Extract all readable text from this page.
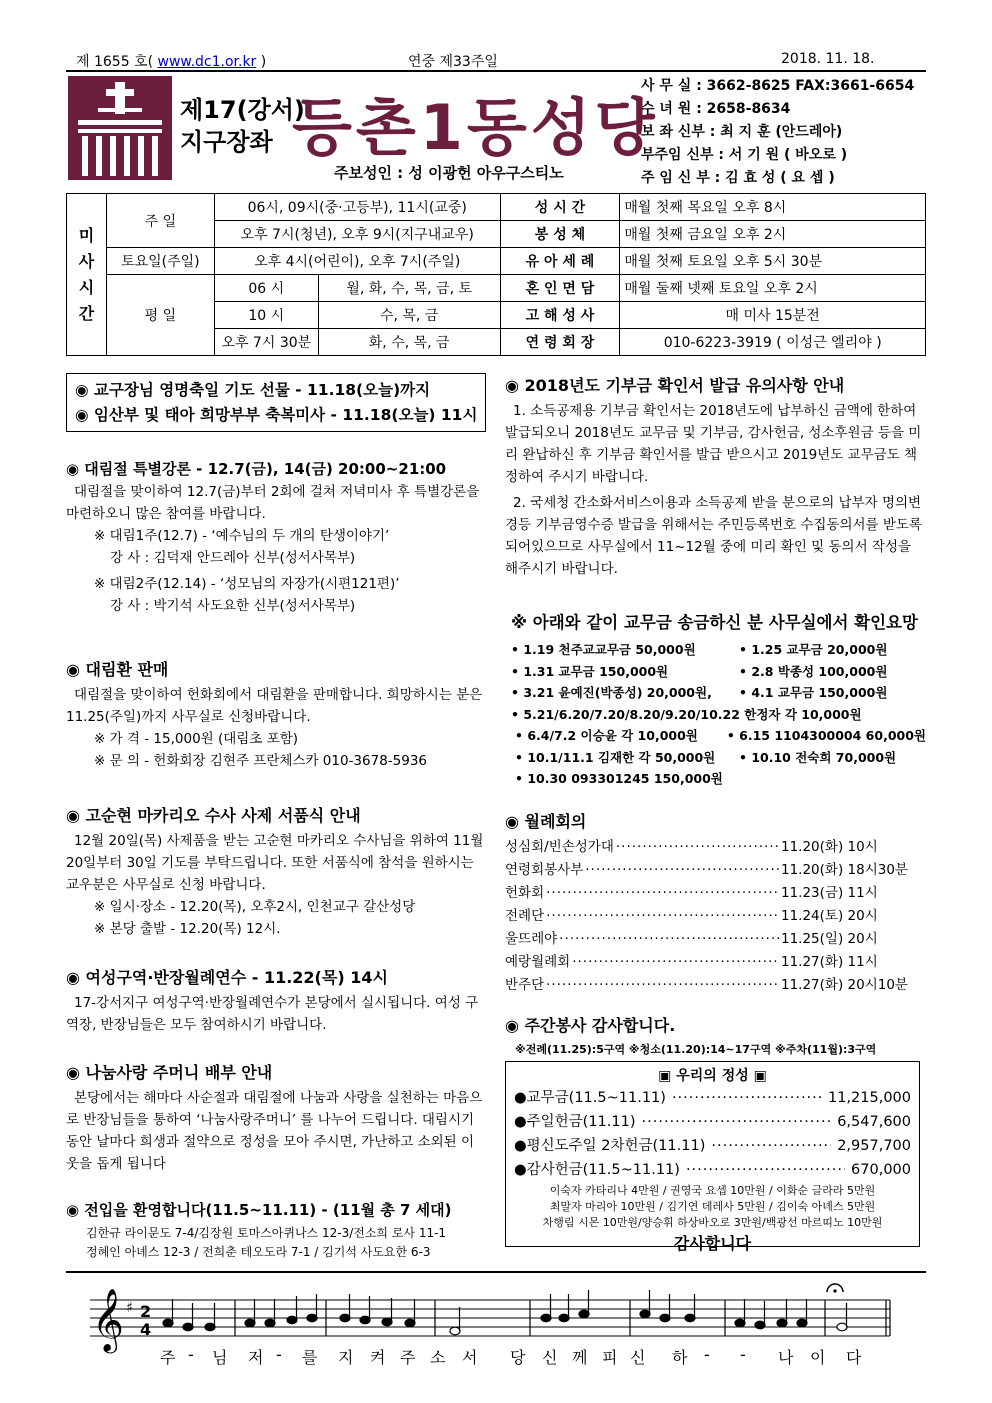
제 1655 호( www.dc1.or.kr )	연중 제33주일	2018. 11. 18.
제17(강서)
지구장좌 등촌1동성당
주보성인 : 성 이광헌 아우구스티노
사 무 실 : 3662-8625 FAX:3661-6654
수 녀 원 : 2658-8634
보 좌 신부 : 최 지 훈 (안드레아)
부주임 신부 : 서 기 원 ( 바오로 )
주 임 신 부 : 김 효 성 ( 요 셉 )
미사시간	주 일	06시, 09시(중·고등부), 11시(교중)		성 시 간	매월 첫째 목요일 오후 8시
		오후 7시(청년), 오후 9시(지구내교우)		봉 성 체	매월 첫째 금요일 오후 2시
	토요일(주일)	오후 4시(어린이), 오후 7시(주일)		유 아 세 례	매월 첫째 토요일 오후 5시 30분
	평 일	06 시	월, 화, 수, 목, 금, 토	혼 인 면 담	매월 둘째 넷째 토요일 오후 2시
		10 시	수, 목, 금	고 해 성 사	매 미사 15분전
		오후 7시 30분	화, 수, 목, 금	연 령 회 장	010-6223-3919 ( 이성근 엘리야 )
◉ 교구장님 영명축일 기도 선물 - 11.18(오늘)까지
◉ 임산부 및 태아 희망부부 축복미사 - 11.18(오늘) 11시
◉ 대림절 특별강론 - 12.7(금), 14(금) 20:00~21:00
대림절을 맞이하여 12.7(금)부터 2회에 걸쳐 저녁미사 후 특별강론을 마련하오니 많은 참여를 바랍니다.
※ 대림1주(12.7) - ‘예수님의 두 개의 탄생이야기’
강 사 : 김덕재 안드레아 신부(성서사목부)
※ 대림2주(12.14) - ‘성모님의 자장가(시편121편)’
강 사 : 박기석 사도요한 신부(성서사목부)
◉ 대림환 판매
대림절을 맞이하여 헌화회에서 대림환을 판매합니다. 희망하시는 분은 11.25(주일)까지 사무실로 신청바랍니다.
※ 가 격 - 15,000원 (대림초 포함)
※ 문 의 - 헌화회장 김현주 프란체스카 010-3678-5936
◉ 고순현 마카리오 수사 사제 서품식 안내
12월 20일(목) 사제품을 받는 고순현 마카리오 수사님을 위하여 11월 20일부터 30일 기도를 부탁드립니다. 또한 서품식에 참석을 원하시는 교우분은 사무실로 신청 바랍니다.
※ 일시·장소 - 12.20(목), 오후2시, 인천교구 갈산성당
※ 본당 출발 - 12.20(목) 12시.
◉ 여성구역·반장월례연수 - 11.22(목) 14시
17-강서지구 여성구역·반장월례연수가 본당에서 실시됩니다. 여성 구역장, 반장님들은 모두 참여하시기 바랍니다.
◉ 나눔사랑 주머니 배부 안내
본당에서는 해마다 사순절과 대림절에 나눔과 사랑을 실천하는 마음으로 반장님들을 통하여 ‘나눔사랑주머니’ 를 나누어 드립니다. 대림시기 동안 날마다 희생과 절약으로 정성을 모아 주시면, 가난하고 소외된 이웃을 돕게 됩니다
◉ 전입을 환영합니다(11.5~11.11) - (11월 총 7 세대)
김한규 라이문도 7-4/김장원 토마스아퀴나스 12-3/전소희 로사 11-1
정혜인 아녜스 12-3 / 전희춘 테오도라 7-1 / 김기석 사도요한 6-3
◉ 2018년도 기부금 확인서 발급 유의사항 안내
1. 소득공제용 기부금 확인서는 2018년도에 납부하신 금액에 한하여 발급되오니 2018년도 교무금 및 기부금, 감사헌금, 성소후원금 등을 미리 완납하신 후 기부금 확인서를 발급 받으시고 2019년도 교무금도 책정하여 주시기 바랍니다.
2. 국세청 간소화서비스이용과 소득공제 받을 분으로의 납부자 명의변경등 기부금영수증 발급을 위해서는 주민등록번호 수집동의서를 받도록 되어있으므로 사무실에서 11~12월 중에 미리 확인 및 동의서 작성을 해주시기 바랍니다.
※ 아래와 같이 교무금 송금하신 분 사무실에서 확인요망
• 1.19 천주교교무금 50,000원	• 1.25 교무금 20,000원
• 1.31 교무금 150,000원	• 2.8 박종성 100,000원
• 3.21 윤예진(박종성) 20,000원,	• 4.1 교무금 150,000원
• 5.21/6.20/7.20/8.20/9.20/10.22 한정자 각 10,000원
• 6.4/7.2 이승윤 각 10,000원	• 6.15 1104300004 60,000원
• 10.1/11.1 김재한 각 50,000원	• 10.10 전숙희 70,000원
• 10.30 093301245 150,000원
◉ 월례회의
성심회/빈손성가대 ·····	11.20(화) 10시
연령회봉사부 ·····	11.20(화) 18시30분
헌화회 ·····	11.23(금) 11시
전례단 ·····	11.24(토) 20시
울뜨레야 ·····	11.25(일) 20시
예랑월례회 ·····	11.27(화) 11시
반주단 ·····	11.27(화) 20시10분
◉ 주간봉사 감사합니다.
※전례(11.25):5구역 ※청소(11.20):14~17구역 ※주차(11월):3구역
▣ 우리의 정성 ▣
●교무금(11.5~11.11) ·····	11,215,000
●주일헌금(11.11) ·····	6,547,600
●평신도주일 2차헌금(11.11) ·····	2,957,700
●감사헌금(11.5~11.11) ·····	670,000
이숙자 카타리나 4만원 / 권영국 요셉 10만원 / 이화순 글라라 5만원
최말자 마리아 10만원 / 김기연 데레사 5만원 / 김이숙 아녜스 5만원
차행림 시몬 10만원/양승휘 하상바오로 3만원/백광선 마르띠노 10만원
감사합니다
𝄞 ♯ 2
4
주 - 님 저 - 를 지 켜 주 소 서 당 신 께 피 신 하 - - 나 이 다
